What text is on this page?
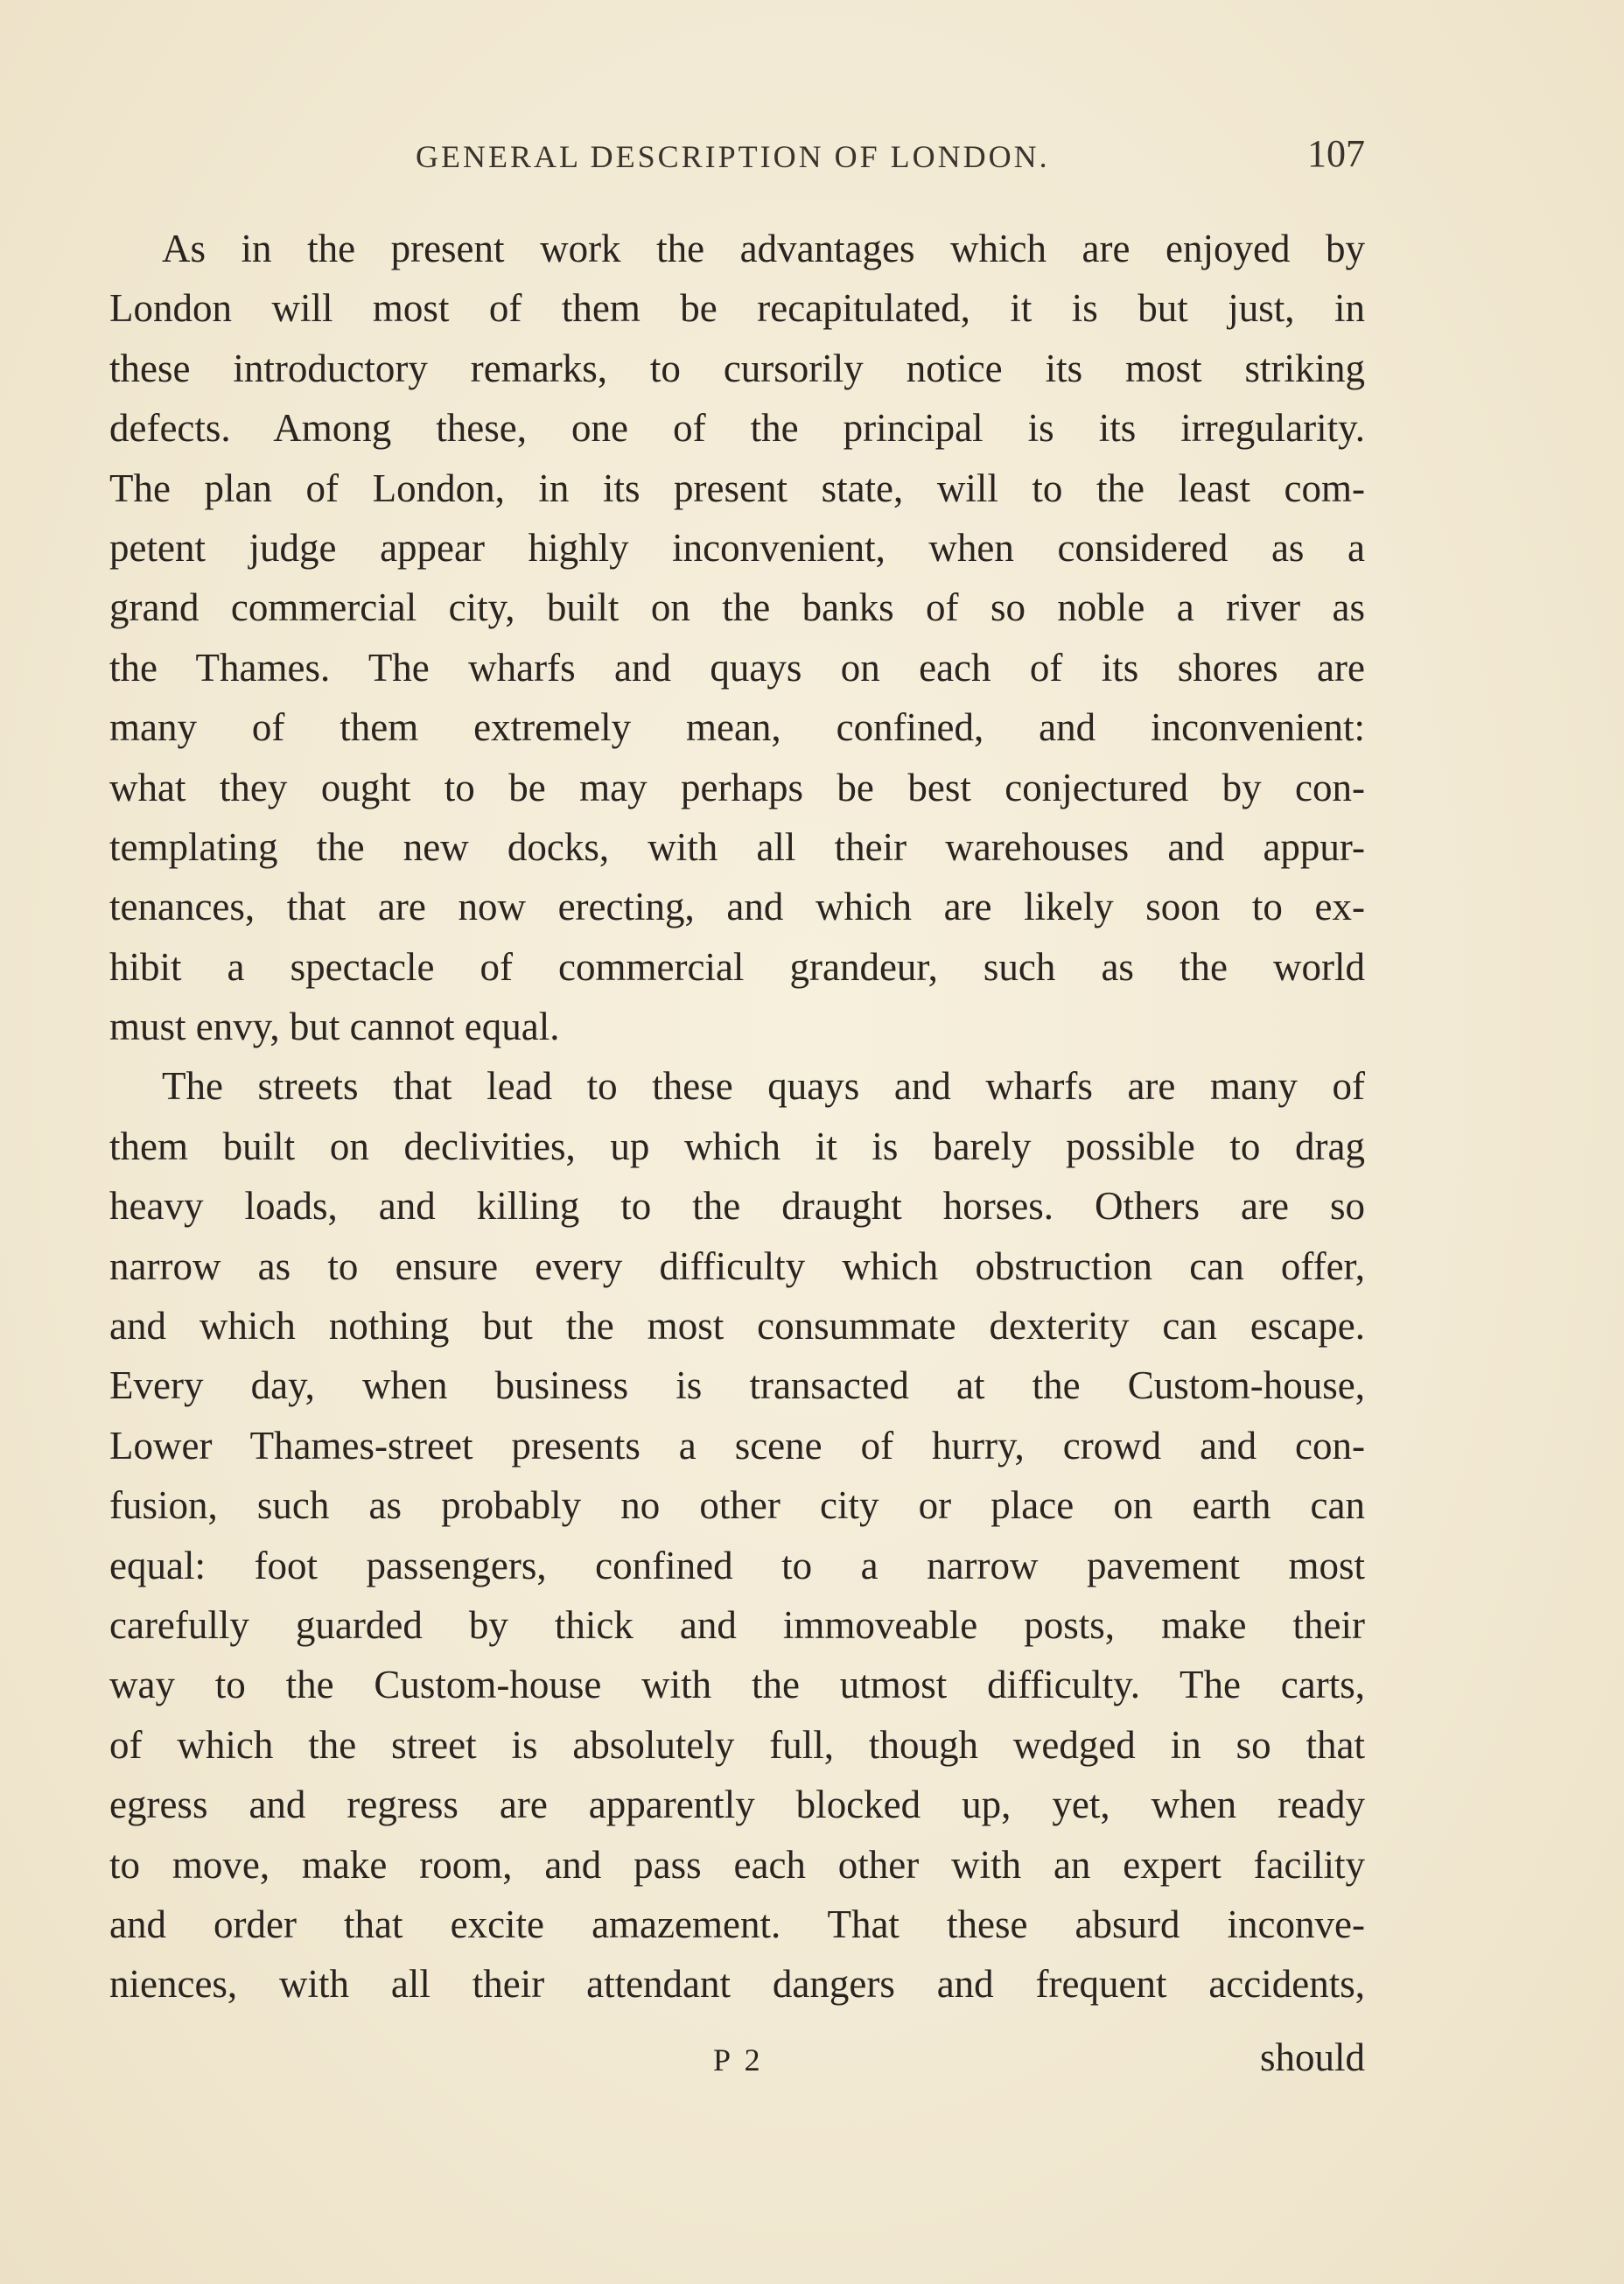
GENERAL DESCRIPTION OF LONDON.	107
As in the present work the advantages which are enjoyed by
London will most of them be recapitulated, it is but just, in
these introductory remarks, to cursorily notice its most striking
defects. Among these, one of the principal is its irregularity.
The plan of London, in its present state, will to the least com-
petent judge appear highly inconvenient, when considered as a
grand commercial city, built on the banks of so noble a river as
the Thames. The wharfs and quays on each of its shores are
many of them extremely mean, confined, and inconvenient:
what they ought to be may perhaps be best conjectured by con-
templating the new docks, with all their warehouses and appur-
tenances, that are now erecting, and which are likely soon to ex-
hibit a spectacle of commercial grandeur, such as the world
must envy, but cannot equal.
The streets that lead to these quays and wharfs are many of
them built on declivities, up which it is barely possible to drag
heavy loads, and killing to the draught horses. Others are so
narrow as to ensure every difficulty which obstruction can offer,
and which nothing but the most consummate dexterity can escape.
Every day, when business is transacted at the Custom-house,
Lower Thames-street presents a scene of hurry, crowd and con-
fusion, such as probably no other city or place on earth can
equal: foot passengers, confined to a narrow pavement most
carefully guarded by thick and immoveable posts, make their
way to the Custom-house with the utmost difficulty. The carts,
of which the street is absolutely full, though wedged in so that
egress and regress are apparently blocked up, yet, when ready
to move, make room, and pass each other with an expert facility
and order that excite amazement. That these absurd inconve-
niences, with all their attendant dangers and frequent accidents,
P 2	should
